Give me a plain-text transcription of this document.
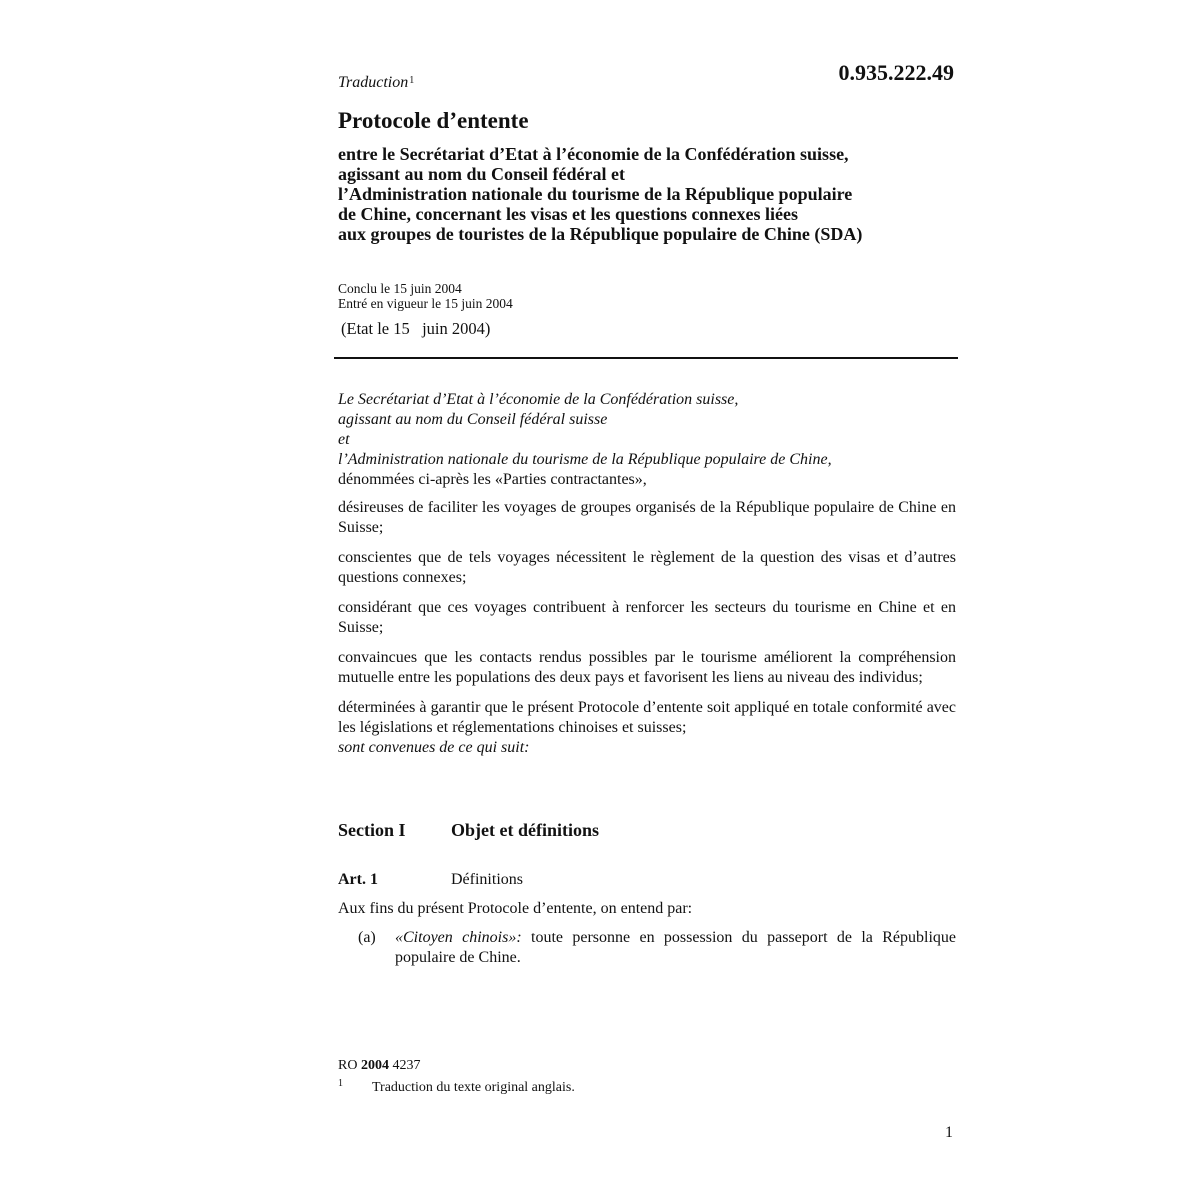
Traduction$^1$	0.935.222.49
Protocole d’entente
entre le Secrétariat d’Etat à l’économie de la Confédération suisse,
agissant au nom du Conseil fédéral et
l’Administration nationale du tourisme de la République populaire
de Chine, concernant les visas et les questions connexes liées
aux groupes de touristes de la République populaire de Chine (SDA)
Conclu le 15 juin 2004
Entré en vigueur le 15 juin 2004
(Etat le 15   juin 2004)
Le Secrétariat d’Etat à l’économie de la Confédération suisse,
agissant au nom du Conseil fédéral suisse
et
l’Administration nationale du tourisme de la République populaire de Chine,
dénommées ci-après les «Parties contractantes»,

désireuses de faciliter les voyages de groupes organisés de la République populaire de Chine en Suisse;

conscientes que de tels voyages nécessitent le règlement de la question des visas et d’autres questions connexes;

considérant que ces voyages contribuent à renforcer les secteurs du tourisme en Chine et en Suisse;

convaincues que les contacts rendus possibles par le tourisme améliorent la compréhension mutuelle entre les populations des deux pays et favorisent les liens au niveau des individus;

déterminées à garantir que le présent Protocole d’entente soit appliqué en totale conformité avec les législations et réglementations chinoises et suisses;

sont convenues de ce qui suit:
Section I	Objet et définitions
Art. 1	Définitions
Aux fins du présent Protocole d’entente, on entend par:
(a) «Citoyen chinois»: toute personne en possession du passeport de la République populaire de Chine.
RO 2004 4237
1 Traduction du texte original anglais.
1
